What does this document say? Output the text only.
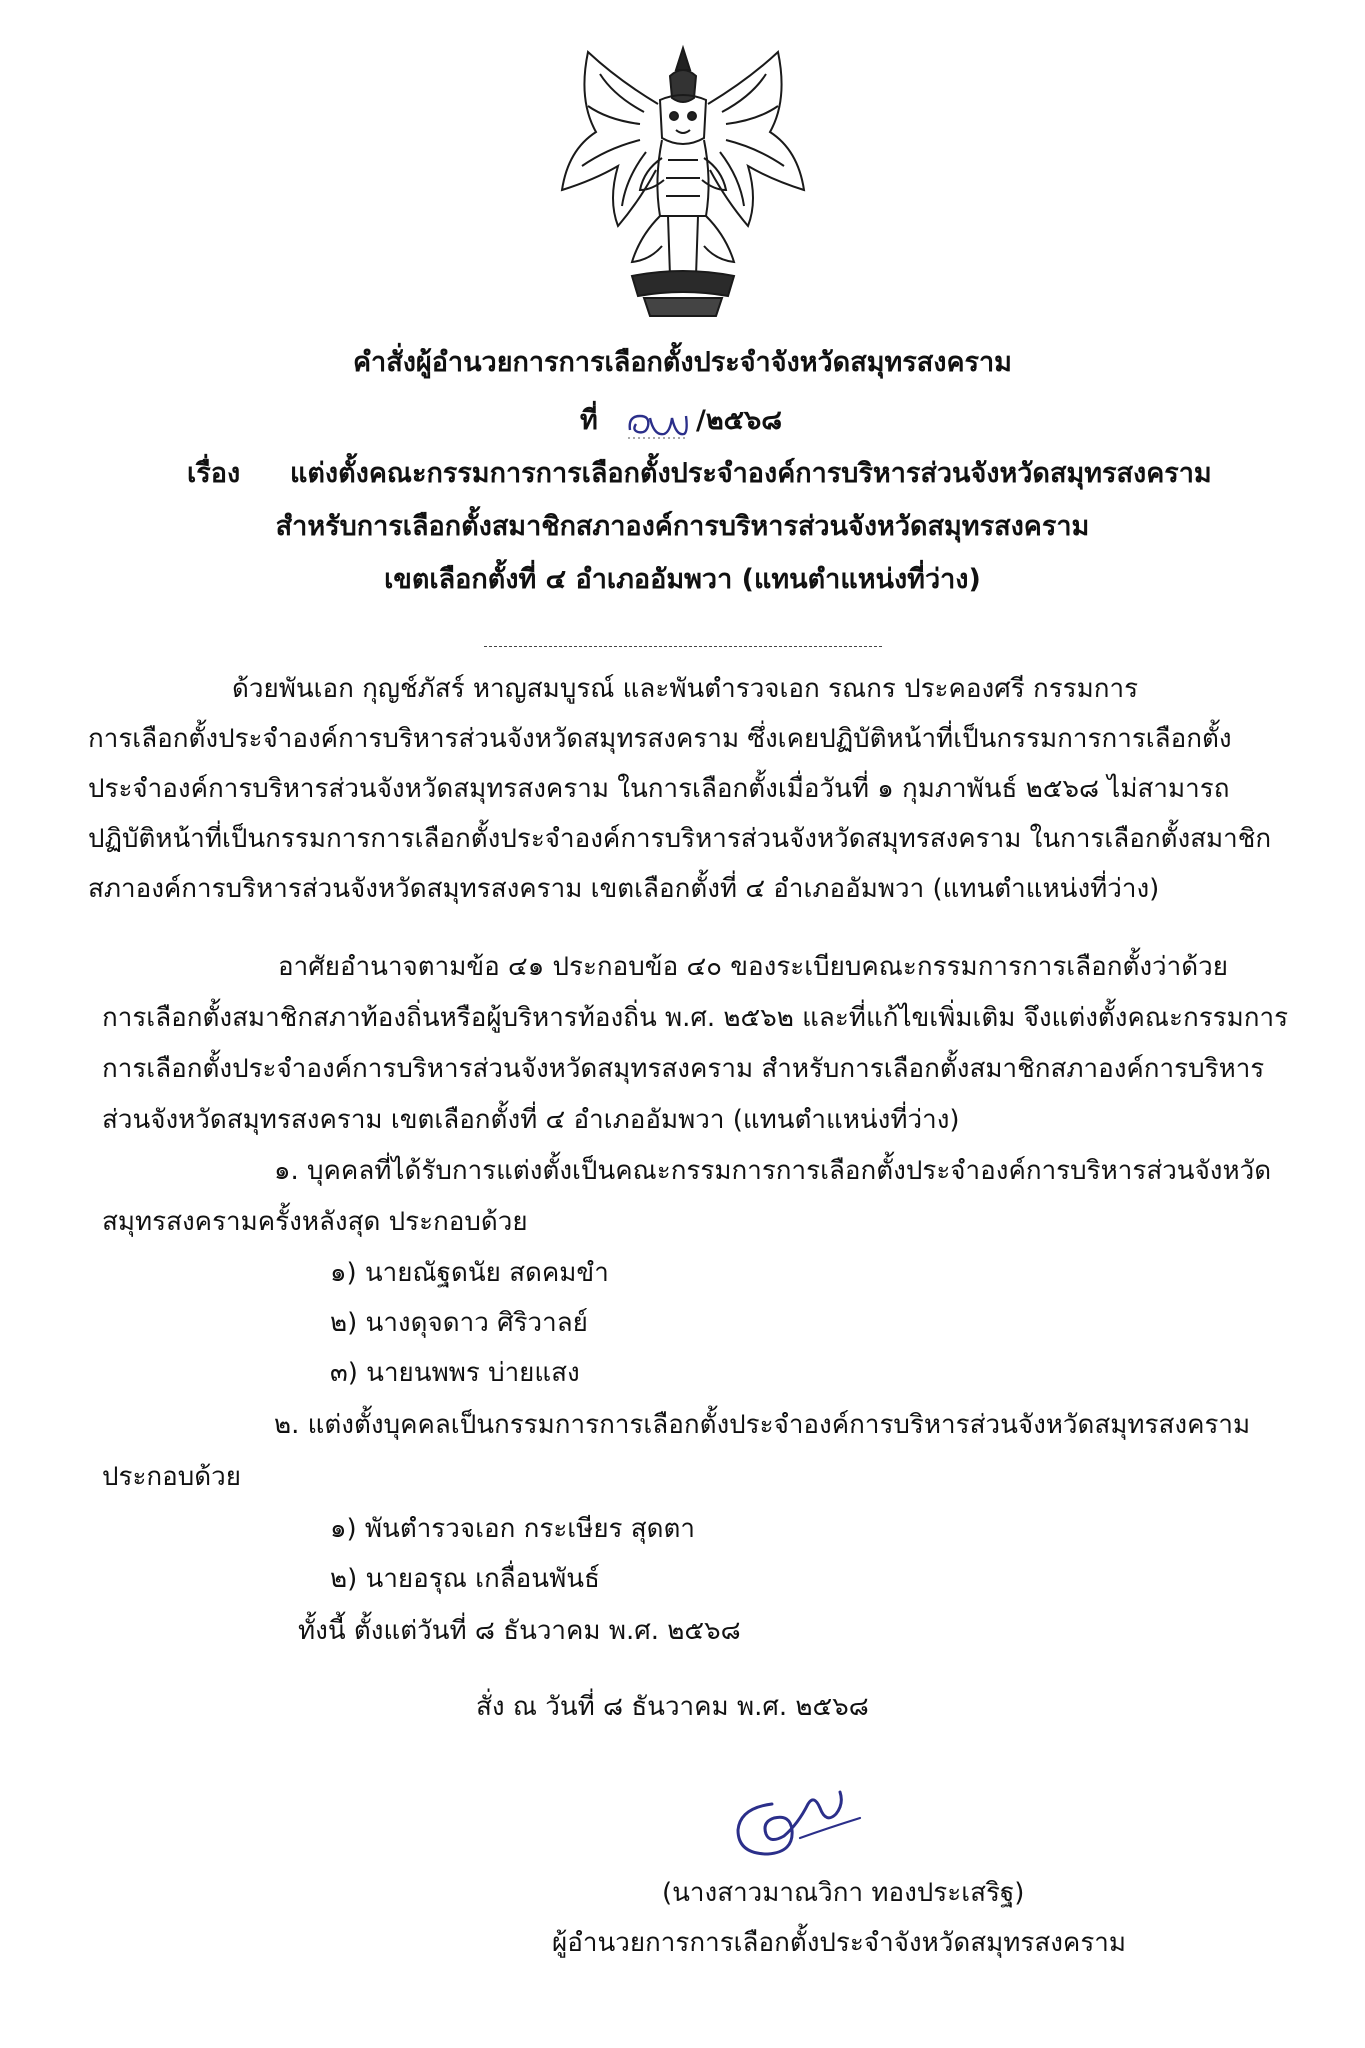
คำสั่งผู้อำนวยการการเลือกตั้งประจำจังหวัดสมุทรสงคราม
ที่	/๒๕๖๘
เรื่อง แต่งตั้งคณะกรรมการการเลือกตั้งประจำองค์การบริหารส่วนจังหวัดสมุทรสงคราม
สำหรับการเลือกตั้งสมาชิกสภาองค์การบริหารส่วนจังหวัดสมุทรสงคราม
เขตเลือกตั้งที่ ๔ อำเภออัมพวา (แทนตำแหน่งที่ว่าง)
ด้วยพันเอก กุญช์ภัสร์ หาญสมบูรณ์ และพันตำรวจเอก รณกร ประคองศรี กรรมการ
การเลือกตั้งประจำองค์การบริหารส่วนจังหวัดสมุทรสงคราม ซึ่งเคยปฏิบัติหน้าที่เป็นกรรมการการเลือกตั้ง
ประจำองค์การบริหารส่วนจังหวัดสมุทรสงคราม ในการเลือกตั้งเมื่อวันที่ ๑ กุมภาพันธ์ ๒๕๖๘ ไม่สามารถ
ปฏิบัติหน้าที่เป็นกรรมการการเลือกตั้งประจำองค์การบริหารส่วนจังหวัดสมุทรสงคราม ในการเลือกตั้งสมาชิก
สภาองค์การบริหารส่วนจังหวัดสมุทรสงคราม เขตเลือกตั้งที่ ๔ อำเภออัมพวา (แทนตำแหน่งที่ว่าง)
อาศัยอำนาจตามข้อ ๔๑ ประกอบข้อ ๔๐ ของระเบียบคณะกรรมการการเลือกตั้งว่าด้วย
การเลือกตั้งสมาชิกสภาท้องถิ่นหรือผู้บริหารท้องถิ่น พ.ศ. ๒๕๖๒ และที่แก้ไขเพิ่มเติม จึงแต่งตั้งคณะกรรมการ
การเลือกตั้งประจำองค์การบริหารส่วนจังหวัดสมุทรสงคราม สำหรับการเลือกตั้งสมาชิกสภาองค์การบริหาร
ส่วนจังหวัดสมุทรสงคราม เขตเลือกตั้งที่ ๔ อำเภออัมพวา (แทนตำแหน่งที่ว่าง)
๑. บุคคลที่ได้รับการแต่งตั้งเป็นคณะกรรมการการเลือกตั้งประจำองค์การบริหารส่วนจังหวัด
สมุทรสงครามครั้งหลังสุด ประกอบด้วย
๑) นายณัฐดนัย สดคมขำ
๒) นางดุจดาว ศิริวาลย์
๓) นายนพพร บ่ายแสง
๒. แต่งตั้งบุคคลเป็นกรรมการการเลือกตั้งประจำองค์การบริหารส่วนจังหวัดสมุทรสงคราม
ประกอบด้วย
๑) พันตำรวจเอก กระเษียร สุดตา
๒) นายอรุณ เกลื่อนพันธ์
ทั้งนี้ ตั้งแต่วันที่ ๘ ธันวาคม พ.ศ. ๒๕๖๘
สั่ง ณ วันที่ ๘ ธันวาคม พ.ศ. ๒๕๖๘
(นางสาวมาณวิกา ทองประเสริฐ)
ผู้อำนวยการการเลือกตั้งประจำจังหวัดสมุทรสงคราม
